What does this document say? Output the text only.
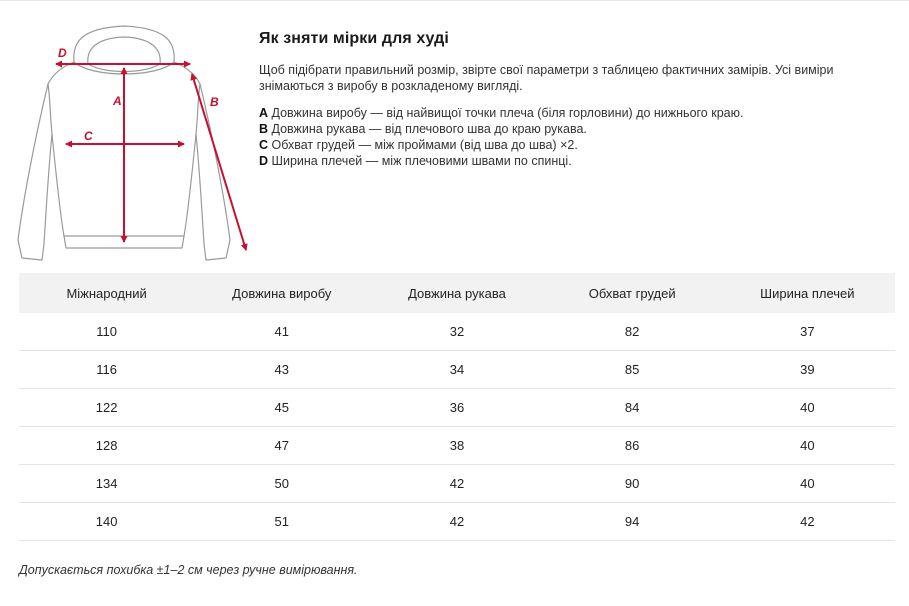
D
A
C
B
Як зняти мірки для худі

Щоб підібрати правильний розмір, звірте свої параметри з таблицею фактичних замірів. Усі виміри знімаються з виробу в розкладеному вигляді.

A Довжина виробу — від найвищої точки плеча (біля горловини) до нижнього краю.
B Довжина рукава — від плечового шва до краю рукава.
C Обхват грудей — між проймами (від шва до шва) ×2.
D Ширина плечей — між плечовими швами по спинці.
Міжнародний	Довжина виробу	Довжина рукава	Обхват грудей	Ширина плечей
110	41	32	82	37
116	43	34	85	39
122	45	36	84	40
128	47	38	86	40
134	50	42	90	40
140	51	42	94	42
Допускається похибка ±1–2 см через ручне вимірювання.
